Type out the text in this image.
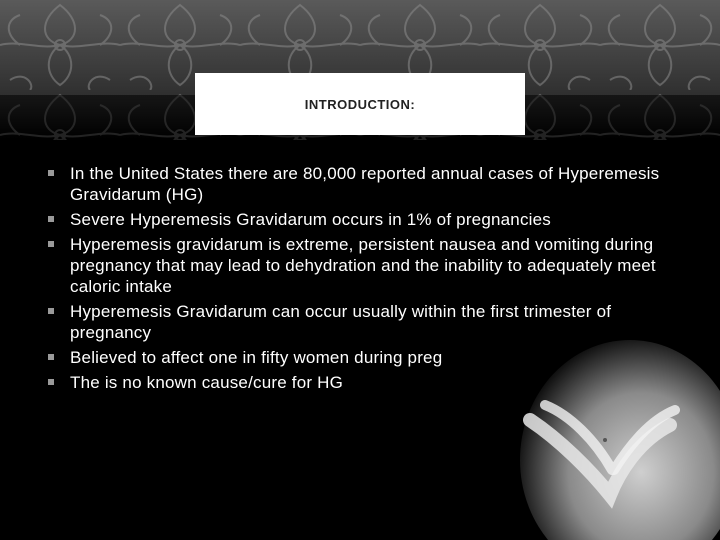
INTRODUCTION:
In the United States there are 80,000 reported annual cases of Hyperemesis Gravidarum (HG)
Severe Hyperemesis Gravidarum occurs in 1% of pregnancies
Hyperemesis gravidarum is extreme, persistent nausea and vomiting during pregnancy that may lead to dehydration and the inability to adequately meet caloric intake
Hyperemesis Gravidarum can occur usually within the first trimester of pregnancy
Believed to affect one in fifty women during preg
The is no known cause/cure for HG
